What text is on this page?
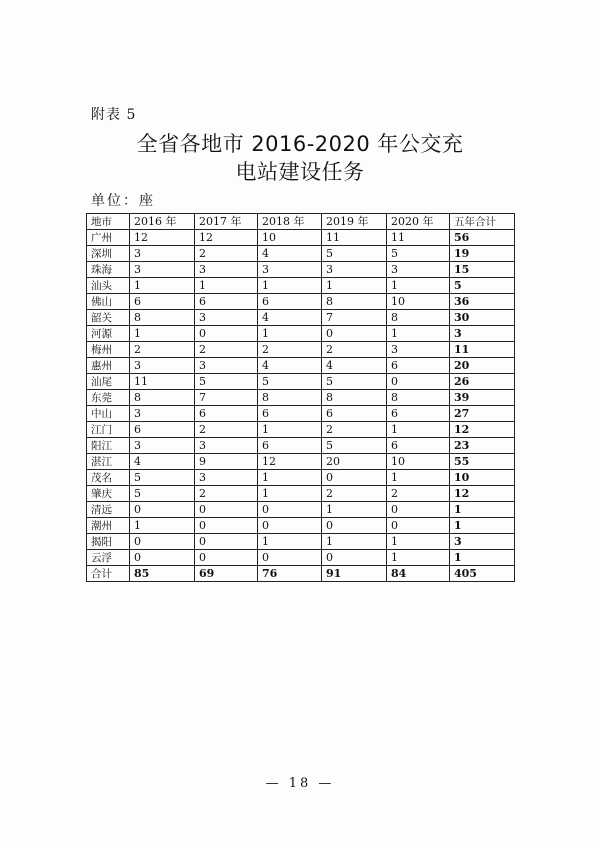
附表 5
全省各地市 2016-2020 年公交充
电站建设任务
单位：座
地市	2016 年	2017 年	2018 年	2019 年	2020 年	五年合计
广州	12	12	10	11	11	56
深圳	3	2	4	5	5	19
珠海	3	3	3	3	3	15
汕头	1	1	1	1	1	5
佛山	6	6	6	8	10	36
韶关	8	3	4	7	8	30
河源	1	0	1	0	1	3
梅州	2	2	2	2	3	11
惠州	3	3	4	4	6	20
汕尾	11	5	5	5	0	26
东莞	8	7	8	8	8	39
中山	3	6	6	6	6	27
江门	6	2	1	2	1	12
阳江	3	3	6	5	6	23
湛江	4	9	12	20	10	55
茂名	5	3	1	0	1	10
肇庆	5	2	1	2	2	12
清远	0	0	0	1	0	1
潮州	1	0	0	0	0	1
揭阳	0	0	1	1	1	3
云浮	0	0	0	0	1	1
合计	85	69	76	91	84	405
— 18 —
